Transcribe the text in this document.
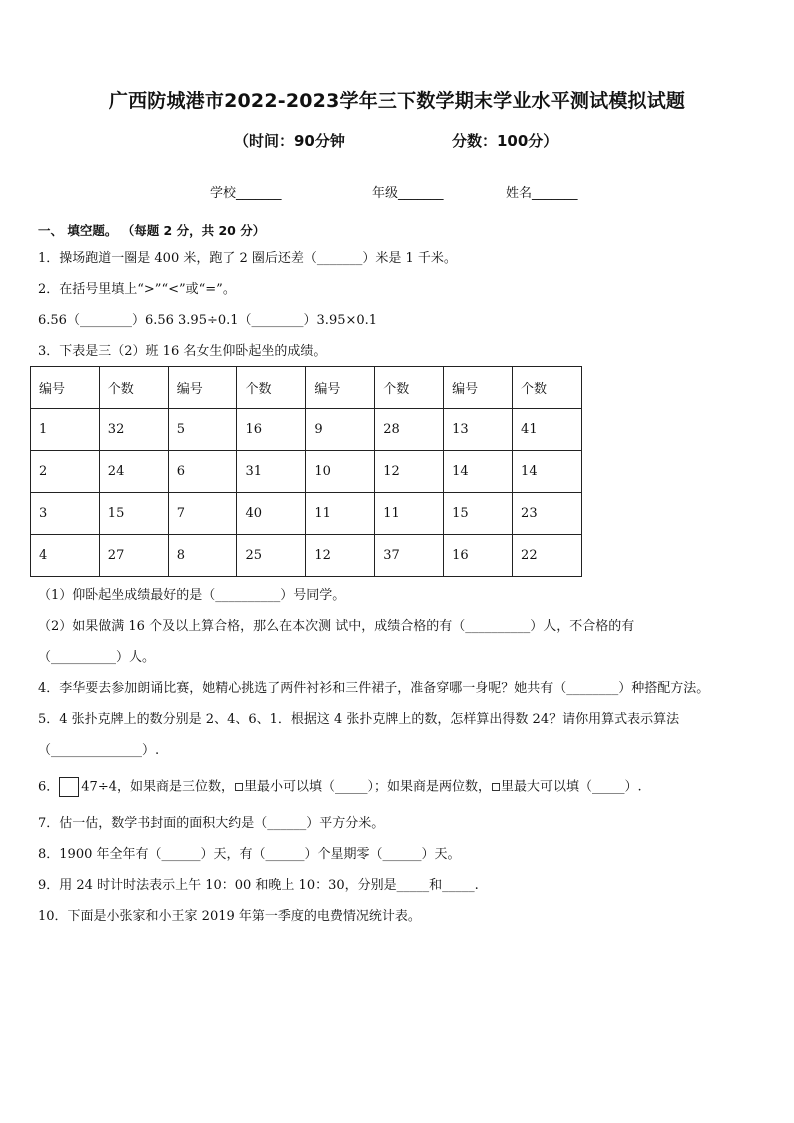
广西防城港市2022-2023学年三下数学期末学业水平测试模拟试题
（时间：90分钟	分数：100分）
学校_______	年级_______	姓名_______
一、 填空题。 （每题 2 分，共 20 分）
1．操场跑道一圈是 400 米，跑了 2 圈后还差（_______）米是 1 千米。
2．在括号里填上“>”“<”或“=”。
6.56（________）6.56 3.95÷0.1（________）3.95×0.1
3．下表是三（2）班 16 名女生仰卧起坐的成绩。
编号	个数	编号	个数	编号	个数	编号	个数
1	32	5	16	9	28	13	41
2	24	6	31	10	12	14	14
3	15	7	40	11	11	15	23
4	27	8	25	12	37	16	22
（1）仰卧起坐成绩最好的是（__________）号同学。
（2）如果做满 16 个及以上算合格，那么在本次测 试中，成绩合格的有（__________）人，不合格的有
（__________）人。
4．李华要去参加朗诵比赛，她精心挑选了两件衬衫和三件裙子，准备穿哪一身呢？她共有（________）种搭配方法。
5．4 张扑克牌上的数分别是 2、4、6、1．根据这 4 张扑克牌上的数，怎样算出得数 24？请你用算式表示算法
（______________）.
6． 47÷4，如果商是三位数， 里最小可以填（_____）；如果商是两位数， 里最大可以填（_____）.
7．估一估，数学书封面的面积大约是（______）平方分米。
8．1900 年全年有（______）天，有（______）个星期零（______）天。
9．用 24 时计时法表示上午 10：00 和晚上 10：30，分别是_____和_____.
10．下面是小张家和小王家 2019 年第一季度的电费情况统计表。
